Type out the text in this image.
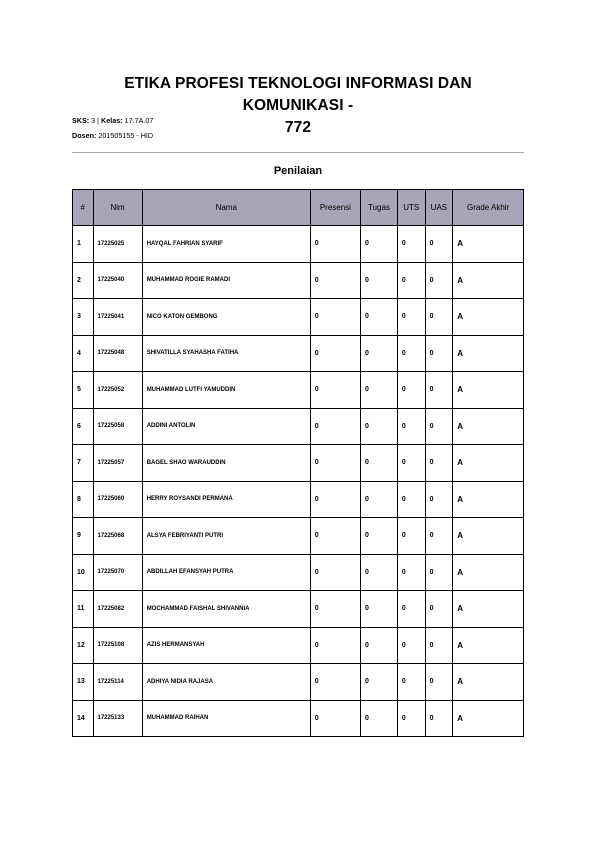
ETIKA PROFESI TEKNOLOGI INFORMASI DAN KOMUNIKASI -
772
SKS: 3 | Kelas: 17.7A.07
Dosen: 201505155 - HID
Penilaian
#	Nim	Nama	Presensi	Tugas	UTS	UAS	Grade Akhir
1	17225025	HAYQAL FAHRIAN SYARIF	0	0	0	0	A
2	17225040	MUHAMMAD ROGIE RAMADI	0	0	0	0	A
3	17225041	NICO KATON GEMBONG	0	0	0	0	A
4	17225048	SHIVATILLA SYAHASHA FATIHA	0	0	0	0	A
5	17225052	MUHAMMAD LUTFI YAMUDDIN	0	0	0	0	A
6	17225058	ADDINI ANTOLIN	0	0	0	0	A
7	17225057	BAGEL SHAO WARAUDDIN	0	0	0	0	A
8	17225060	HERRY ROYSANDI PERMANA	0	0	0	0	A
9	17225068	ALSYA FEBRIYANTI PUTRI	0	0	0	0	A
10	17225070	ABDILLAH EFANSYAH PUTRA	0	0	0	0	A
11	17225082	MOCHAMMAD FAISHAL SHIVANNIA	0	0	0	0	A
12	17225108	AZIS HERMANSYAH	0	0	0	0	A
13	17225114	ADHIYA NIDIA RAJASA	0	0	0	0	A
14	17225133	MUHAMMAD RAIHAN	0	0	0	0	A
